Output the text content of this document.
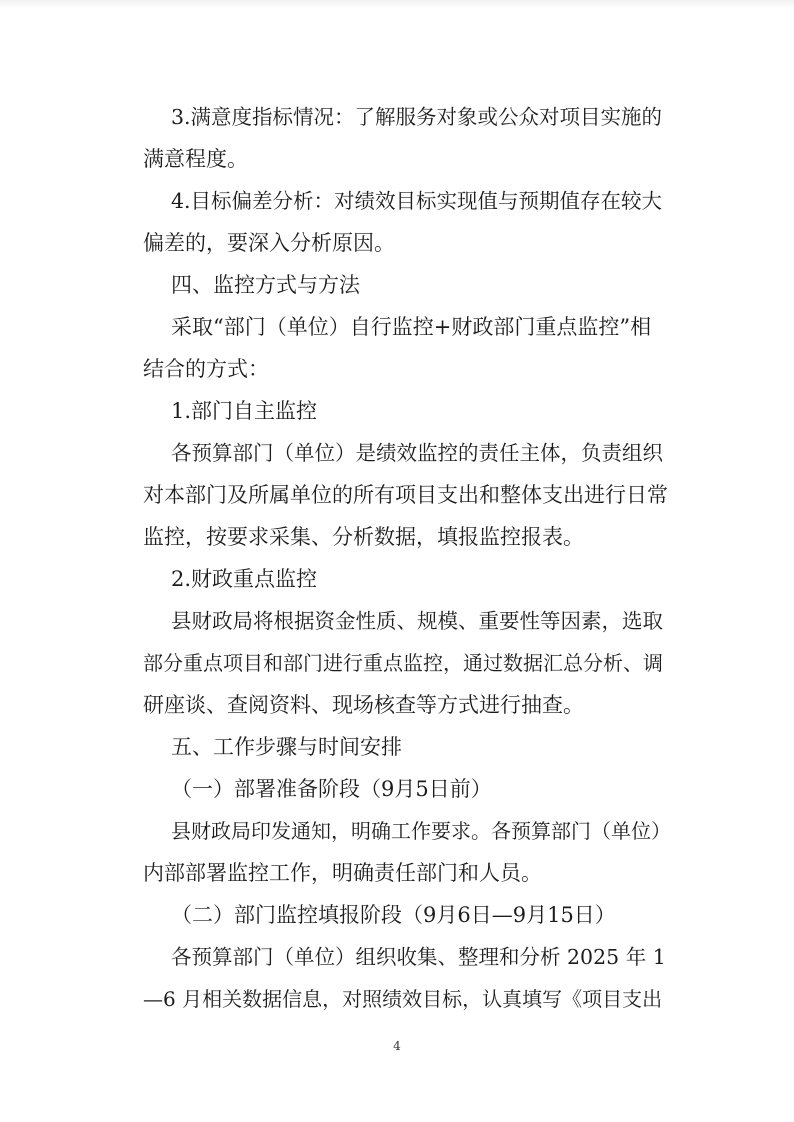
4
3.满意度指标情况：了解服务对象或公众对项目实施的
满意程度。
4.目标偏差分析：对绩效目标实现值与预期值存在较大
偏差的，要深入分析原因。
四、监控方式与方法
采取“部门（单位）自行监控+财政部门重点监控”相
结合的方式：
1.部门自主监控
各预算部门（单位）是绩效监控的责任主体，负责组织
对本部门及所属单位的所有项目支出和整体支出进行日常
监控，按要求采集、分析数据，填报监控报表。
2.财政重点监控
县财政局将根据资金性质、规模、重要性等因素，选取
部分重点项目和部门进行重点监控，通过数据汇总分析、调
研座谈、查阅资料、现场核查等方式进行抽查。
五、工作步骤与时间安排
（一）部署准备阶段（9月5日前）
县财政局印发通知，明确工作要求。各预算部门（单位）
内部部署监控工作，明确责任部门和人员。
（二）部门监控填报阶段（9月6日—9月15日）
各预算部门（单位）组织收集、整理和分析 2025 年 1
—6 月相关数据信息，对照绩效目标，认真填写《项目支出
